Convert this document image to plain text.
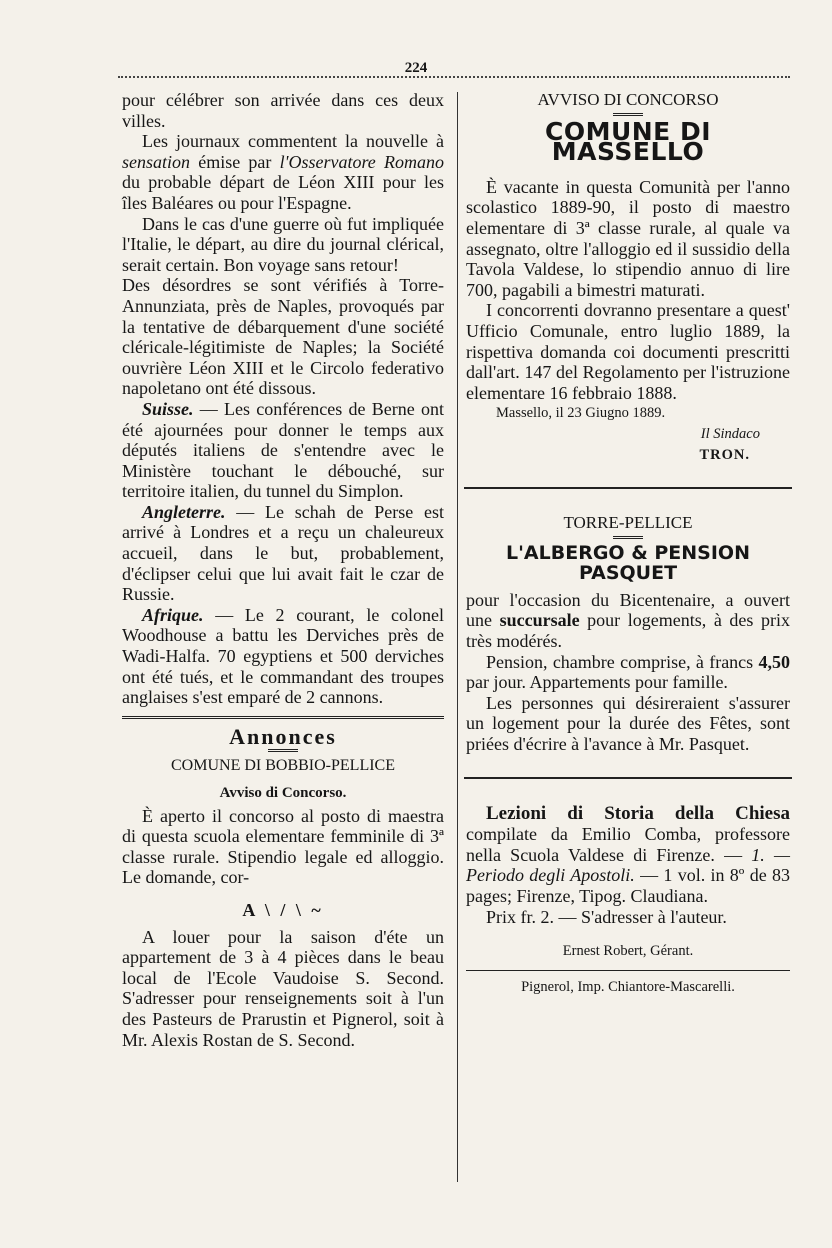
224

pour célébrer son arrivée dans ces deux villes.

Les journaux commentent la nouvelle à sensation émise par l'Osservatore Romano du probable départ de Léon XIII pour les îles Baléares ou pour l'Espagne.

Dans le cas d'une guerre où fut impliquée l'Italie, le départ, au dire du journal clérical, serait certain. Bon voyage sans retour!

Des désordres se sont vérifiés à Torre-Annunziata, près de Naples, provoqués par la tentative de débarquement d'une société cléricale-légitimiste de Naples; la Société ouvrière Léon XIII et le Circolo federativo napoletano ont été dissous.

Suisse. — Les conférences de Berne ont été ajournées pour donner le temps aux députés italiens de s'entendre avec le Ministère touchant le débouché, sur territoire italien, du tunnel du Simplon.

Angleterre. — Le schah de Perse est arrivé à Londres et a reçu un chaleureux accueil, dans le but, probablement, d'éclipser celui que lui avait fait le czar de Russie.

Afrique. — Le 2 courant, le colonel Woodhouse a battu les Derviches près de Wadi-Halfa. 70 egyptiens et 500 derviches ont été tués, et le commandant des troupes anglaises s'est emparé de 2 cannons.

Annonces
COMUNE DI BOBBIO-PELLICE
Avviso di Concorso.

È aperto il concorso al posto di maestra di questa scuola elementare femminile di 3ª classe rurale. Stipendio legale ed alloggio. Le domande, cor-

A \ / \ ~

A louer pour la saison d'éte un appartement de 3 à 4 pièces dans le beau local de l'Ecole Vaudoise S. Second. S'adresser pour renseignements soit à l'un des Pasteurs de Prarustin et Pignerol, soit à Mr. Alexis Rostan de S. Second.

AVVISO DI CONCORSO
COMUNE DI MASSELLO

È vacante in questa Comunità per l'anno scolastico 1889-90, il posto di maestro elementare di 3ª classe rurale, al quale va assegnato, oltre l'alloggio ed il sussidio della Tavola Valdese, lo stipendio annuo di lire 700, pagabili a bimestri maturati.

I concorrenti dovranno presentare a quest' Ufficio Comunale, entro luglio 1889, la rispettiva domanda coi documenti prescritti dall'art. 147 del Regolamento per l'istruzione elementare 16 febbraio 1888.

Massello, il 23 Giugno 1889.
Il Sindaco
TRON.
TORRE-PELLICE
L'ALBERGO & PENSION PASQUET

pour l'occasion du Bicentenaire, a ouvert une succursale pour logements, à des prix très modérés.

Pension, chambre comprise, à francs 4,50 par jour. Appartements pour famille.

Les personnes qui désireraient s'assurer un logement pour la durée des Fêtes, sont priées d'écrire à l'avance à Mr. Pasquet.

Lezioni di Storia della Chiesa compilate da Emilio Comba, professore nella Scuola Valdese di Firenze. — 1. — Periodo degli Apostoli. — 1 vol. in 8º de 83 pages; Firenze, Tipog. Claudiana.

Prix fr. 2. — S'adresser à l'auteur.

Ernest Robert, Gérant.
Pignerol, Imp. Chiantore-Mascarelli.
